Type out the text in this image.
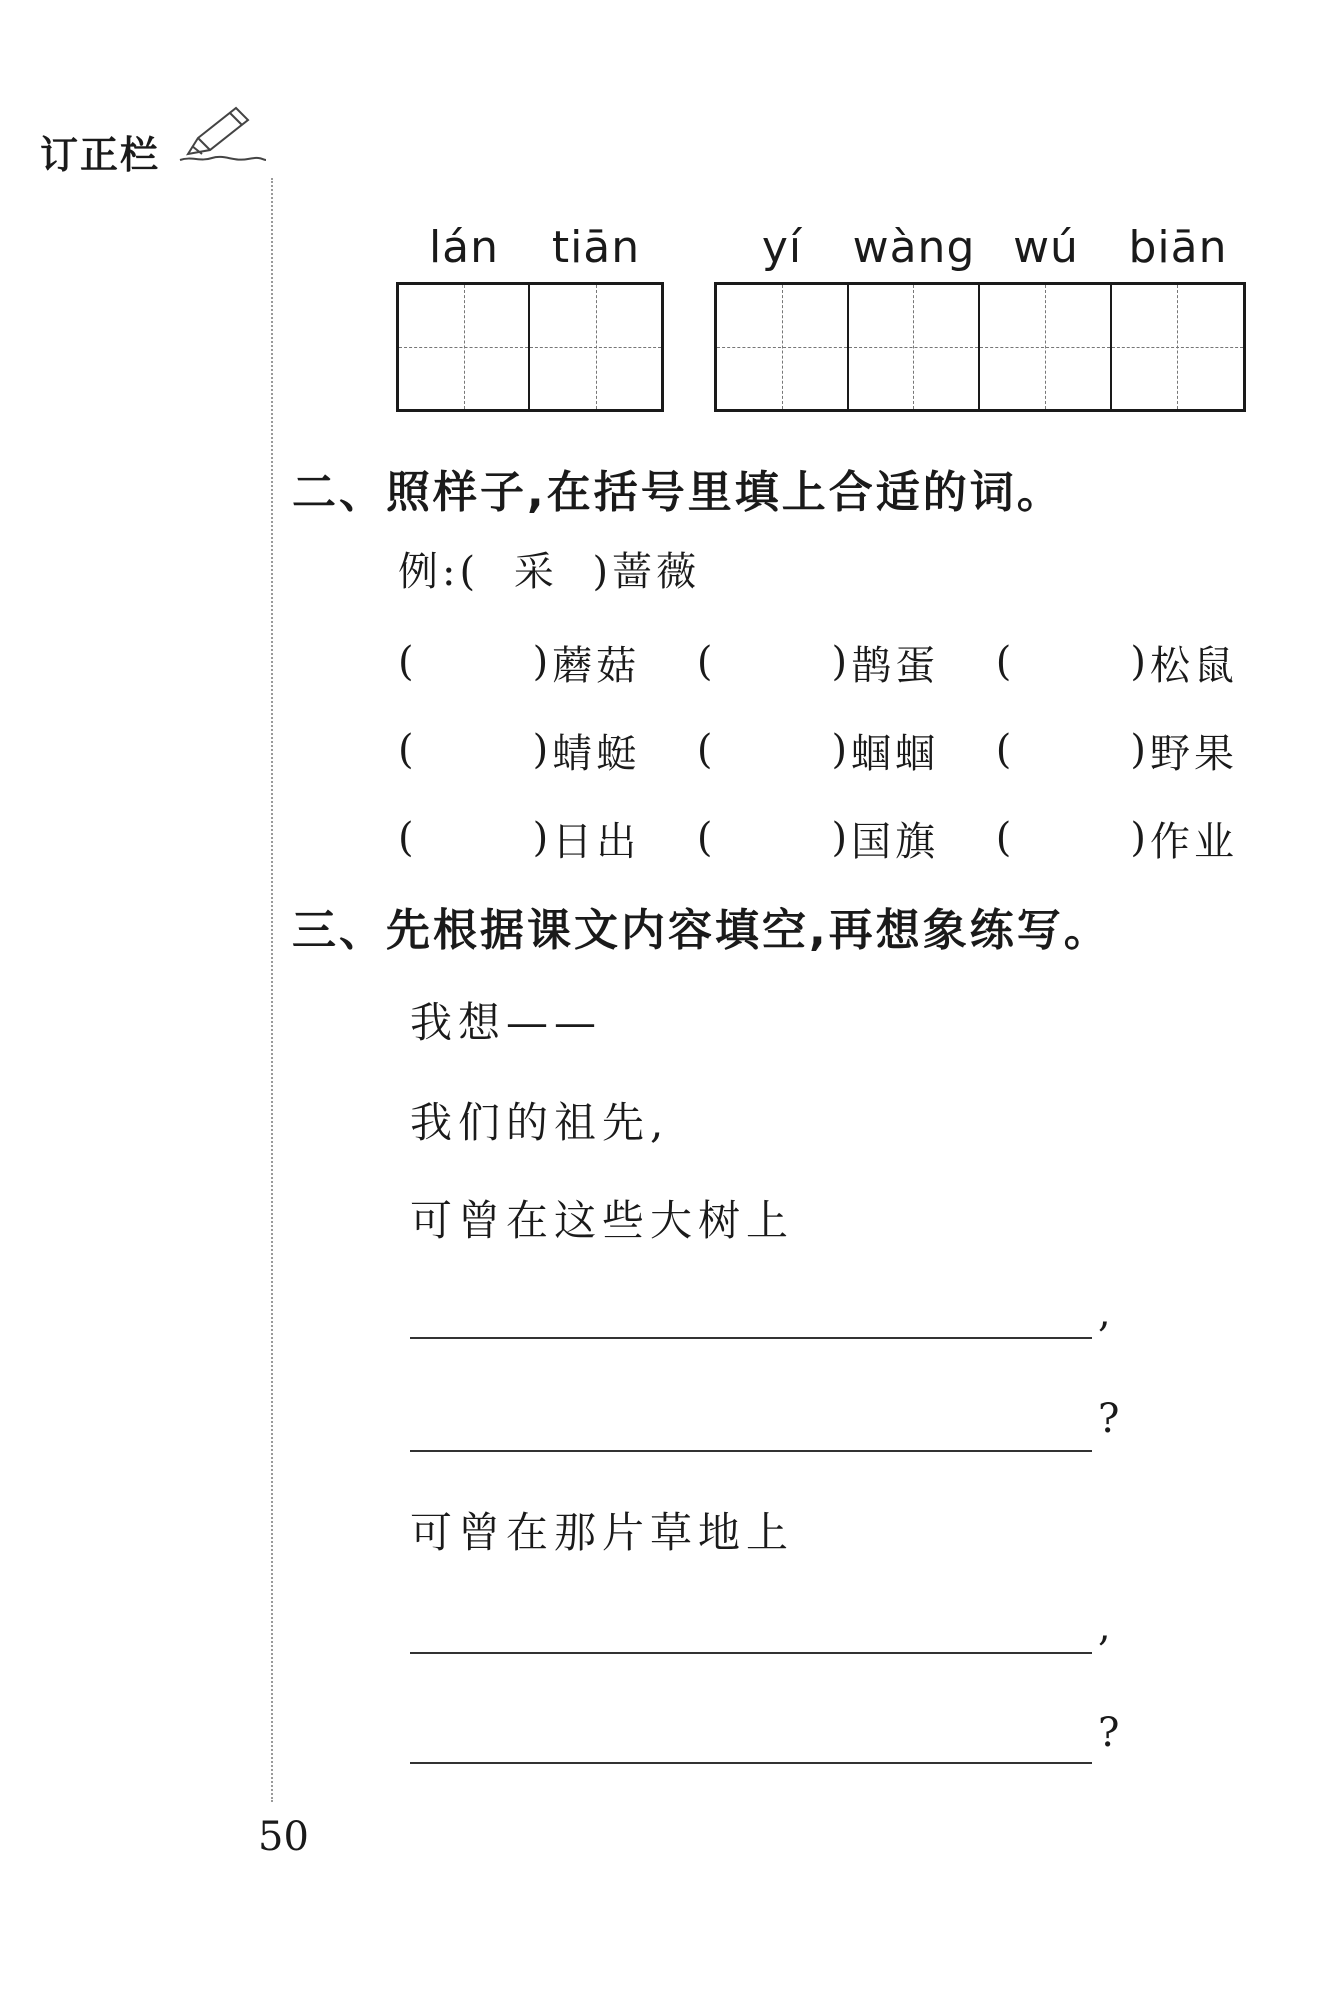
订正栏
lán	tiān	yí	wàng wú	biān
二、照样子,在括号里填上合适的词。
例:( 采 )蔷薇
(	) 蘑菇 (	) 鹊蛋 (	) 松鼠
(	) 蜻蜓 (	) 蝈蝈 (	) 野果
(	) 日出 (	) 国旗 (	) 作业
三、先根据课文内容填空,再想象练写。
我想——
我们的祖先,
可曾在这些大树上
,
?
可曾在那片草地上
,
?
50
